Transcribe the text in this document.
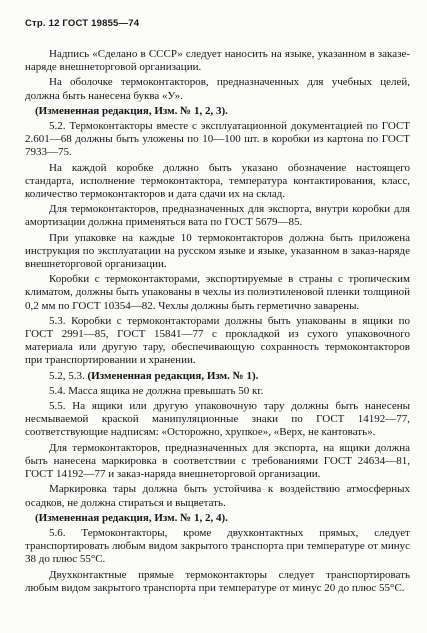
Стр. 12 ГОСТ 19855—74

Надпись «Сделано в СССР» следует наносить на языке, указанном в заказе-наряде внешнеторговой организации.

На оболочке термоконтакторов, предназначенных для учебных целей, должна быть нанесена буква «У».

(Измененная редакция, Изм. № 1, 2, 3).

5.2. Термоконтакторы вместе с эксплуатационной документацией по ГОСТ 2.601—68 должны быть уложены по 10—100 шт. в коробки из картона по ГОСТ 7933—75.

На каждой коробке должно быть указано обозначение настоящего стандарта, исполнение термоконтактора, температура контактирования, класс, количество термоконтакторов и дата сдачи их на склад.

Для термоконтакторов, предназначенных для экспорта, внутри коробки для амортизации должна применяться вата по ГОСТ 5679—85.

При упаковке на каждые 10 термоконтакторов должна быть приложена инструкция по эксплуатации на русском языке и языке, указанном в заказ-наряде внешнеторговой организации.

Коробки с термоконтакторами, экспортируемые в страны с тропическим климатом, должны быть упакованы в чехлы из полиэтиленовой пленки толщиной 0,2 мм по ГОСТ 10354—82. Чехлы должны быть герметично заварены.

5.3. Коробки с термоконтакторами должны быть упакованы в ящики по ГОСТ 2991—85, ГОСТ 15841—77 с прокладкой из сухого упаковочного материала или другую тару, обеспечивающую сохранность термоконтакторов при транспортировании и хранении.

5.2, 5.3. (Измененная редакция, Изм. № 1).

5.4. Масса ящика не должна превышать 50 кг.

5.5. На ящики или другую упаковочную тару должны быть нанесены несмываемой краской манипуляционные знаки по ГОСТ 14192—77, соответствующие надписям: «Осторожно, хрупкое», «Верх, не кантовать».

Для термоконтакторов, предназначенных для экспорта, на ящики должна быть нанесена маркировка в соответствии с требованиями ГОСТ 24634—81, ГОСТ 14192—77 и заказ-наряда внешнеторговой организации.

Маркировка тары должна быть устойчива к воздействию атмосферных осадков, не должна стираться и выцветать.

(Измененная редакция, Изм. № 1, 2, 4).

5.6. Термоконтакторы, кроме двухконтактных прямых, следует транспортировать любым видом закрытого транспорта при температуре от минус 38 до плюс 55°С.

Двухконтактные прямые термоконтакторы следует транспортировать любым видом закрытого транспорта при температуре от минус 20 до плюс 55°С.
